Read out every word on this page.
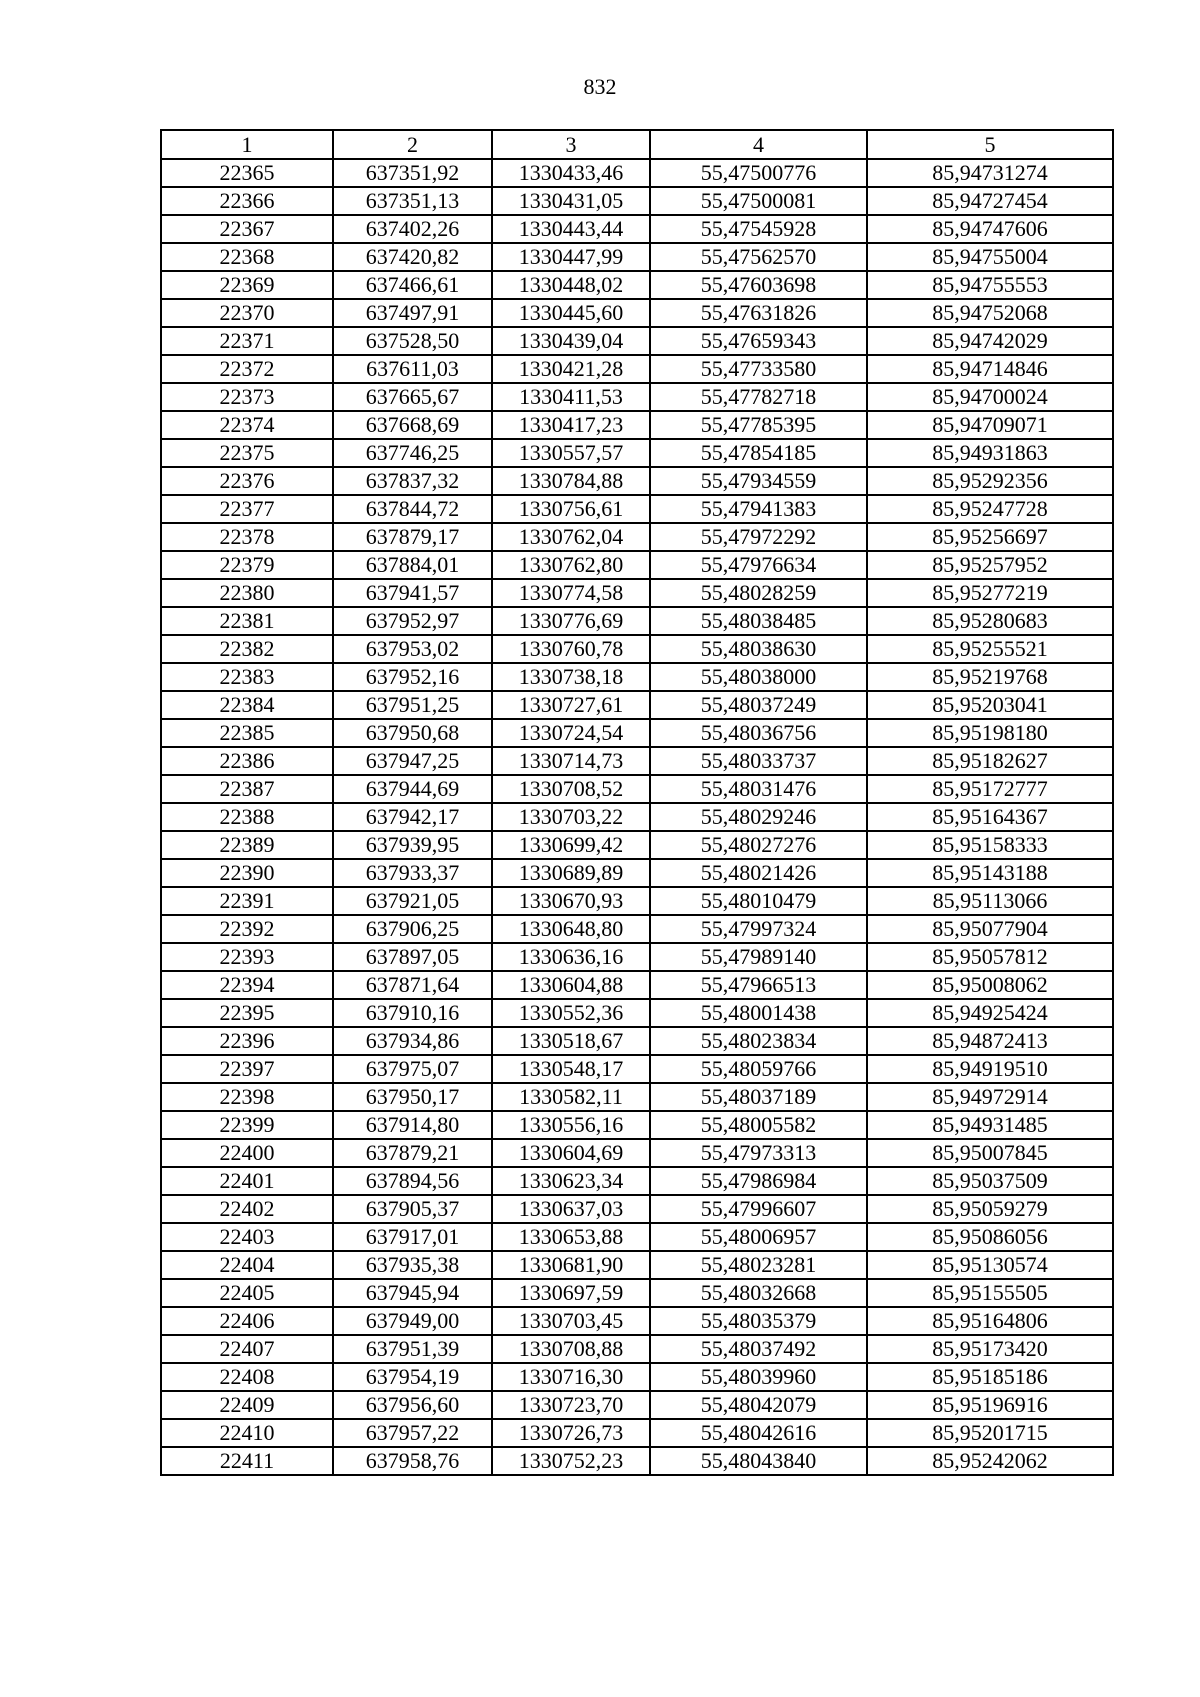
832
1	2	3	4	5
22365	637351,92	1330433,46	55,47500776	85,94731274
22366	637351,13	1330431,05	55,47500081	85,94727454
22367	637402,26	1330443,44	55,47545928	85,94747606
22368	637420,82	1330447,99	55,47562570	85,94755004
22369	637466,61	1330448,02	55,47603698	85,94755553
22370	637497,91	1330445,60	55,47631826	85,94752068
22371	637528,50	1330439,04	55,47659343	85,94742029
22372	637611,03	1330421,28	55,47733580	85,94714846
22373	637665,67	1330411,53	55,47782718	85,94700024
22374	637668,69	1330417,23	55,47785395	85,94709071
22375	637746,25	1330557,57	55,47854185	85,94931863
22376	637837,32	1330784,88	55,47934559	85,95292356
22377	637844,72	1330756,61	55,47941383	85,95247728
22378	637879,17	1330762,04	55,47972292	85,95256697
22379	637884,01	1330762,80	55,47976634	85,95257952
22380	637941,57	1330774,58	55,48028259	85,95277219
22381	637952,97	1330776,69	55,48038485	85,95280683
22382	637953,02	1330760,78	55,48038630	85,95255521
22383	637952,16	1330738,18	55,48038000	85,95219768
22384	637951,25	1330727,61	55,48037249	85,95203041
22385	637950,68	1330724,54	55,48036756	85,95198180
22386	637947,25	1330714,73	55,48033737	85,95182627
22387	637944,69	1330708,52	55,48031476	85,95172777
22388	637942,17	1330703,22	55,48029246	85,95164367
22389	637939,95	1330699,42	55,48027276	85,95158333
22390	637933,37	1330689,89	55,48021426	85,95143188
22391	637921,05	1330670,93	55,48010479	85,95113066
22392	637906,25	1330648,80	55,47997324	85,95077904
22393	637897,05	1330636,16	55,47989140	85,95057812
22394	637871,64	1330604,88	55,47966513	85,95008062
22395	637910,16	1330552,36	55,48001438	85,94925424
22396	637934,86	1330518,67	55,48023834	85,94872413
22397	637975,07	1330548,17	55,48059766	85,94919510
22398	637950,17	1330582,11	55,48037189	85,94972914
22399	637914,80	1330556,16	55,48005582	85,94931485
22400	637879,21	1330604,69	55,47973313	85,95007845
22401	637894,56	1330623,34	55,47986984	85,95037509
22402	637905,37	1330637,03	55,47996607	85,95059279
22403	637917,01	1330653,88	55,48006957	85,95086056
22404	637935,38	1330681,90	55,48023281	85,95130574
22405	637945,94	1330697,59	55,48032668	85,95155505
22406	637949,00	1330703,45	55,48035379	85,95164806
22407	637951,39	1330708,88	55,48037492	85,95173420
22408	637954,19	1330716,30	55,48039960	85,95185186
22409	637956,60	1330723,70	55,48042079	85,95196916
22410	637957,22	1330726,73	55,48042616	85,95201715
22411	637958,76	1330752,23	55,48043840	85,95242062
